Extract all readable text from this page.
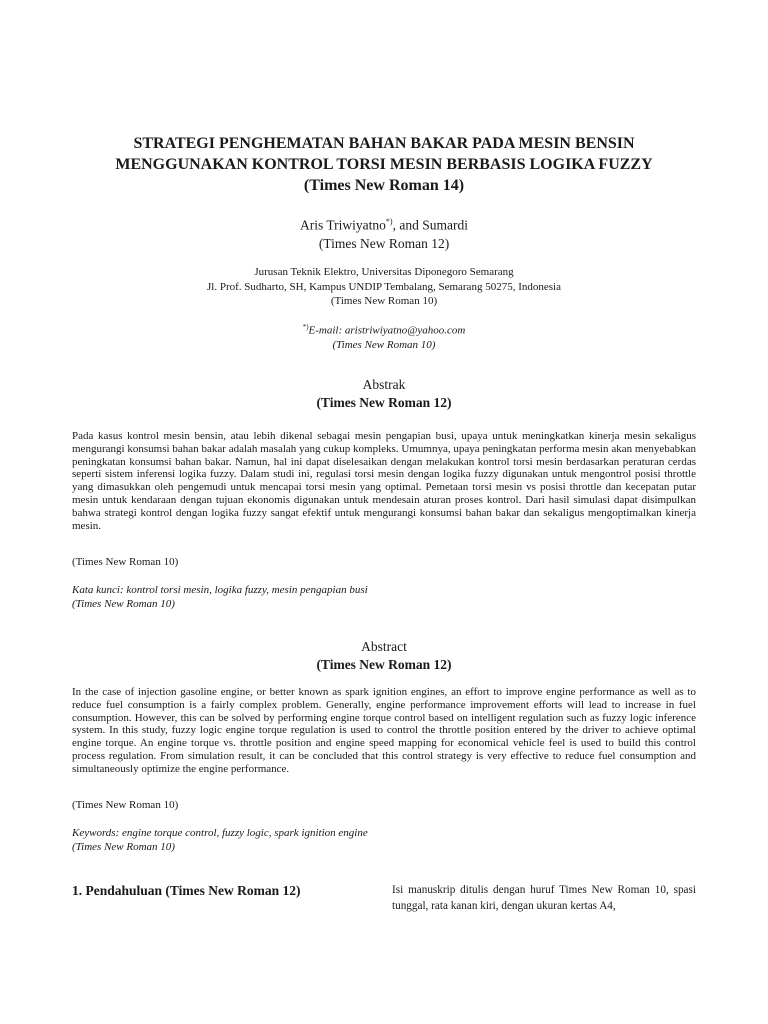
STRATEGI PENGHEMATAN BAHAN BAKAR PADA MESIN BENSIN
MENGGUNAKAN KONTROL TORSI MESIN BERBASIS LOGIKA FUZZY
(Times New Roman 14)
Aris Triwiyatno*), and Sumardi
(Times New Roman 12)
Jurusan Teknik Elektro, Universitas Diponegoro Semarang
Jl. Prof. Sudharto, SH, Kampus UNDIP Tembalang, Semarang 50275, Indonesia
(Times New Roman 10)
*)E-mail: aristriwiyatno@yahoo.com
(Times New Roman 10)
Abstrak
(Times New Roman 12)

Pada kasus kontrol mesin bensin, atau lebih dikenal sebagai mesin pengapian busi, upaya untuk meningkatkan kinerja mesin sekaligus mengurangi konsumsi bahan bakar adalah masalah yang cukup kompleks. Umumnya, upaya peningkatan performa mesin akan menyebabkan peningkatan konsumsi bahan bakar. Namun, hal ini dapat diselesaikan dengan melakukan kontrol torsi mesin berdasarkan peraturan cerdas seperti sistem inferensi logika fuzzy. Dalam studi ini, regulasi torsi mesin dengan logika fuzzy digunakan untuk mengontrol posisi throttle yang dimasukkan oleh pengemudi untuk mencapai torsi mesin yang optimal. Pemetaan torsi mesin vs posisi throttle dan kecepatan putar mesin untuk kendaraan dengan tujuan ekonomis digunakan untuk mendesain aturan proses kontrol. Dari hasil simulasi dapat disimpulkan bahwa strategi kontrol dengan logika fuzzy sangat efektif untuk mengurangi konsumsi bahan bakar dan sekaligus mengoptimalkan kinerja mesin.

(Times New Roman 10)
Kata kunci: kontrol torsi mesin, logika fuzzy, mesin pengapian busi
(Times New Roman 10)
Abstract
(Times New Roman 12)

In the case of injection gasoline engine, or better known as spark ignition engines, an effort to improve engine performance as well as to reduce fuel consumption is a fairly complex problem. Generally, engine performance improvement efforts will lead to increase in fuel consumption. However, this can be solved by performing engine torque control based on intelligent regulation such as fuzzy logic inference system. In this study, fuzzy logic engine torque regulation is used to control the throttle position entered by the driver to achieve optimal engine torque. An engine torque vs. throttle position and engine speed mapping for economical vehicle feel is used to build this control process regulation. From simulation result, it can be concluded that this control strategy is very effective to reduce fuel consumption and simultaneously optimize the engine performance.

(Times New Roman 10)
Keywords: engine torque control, fuzzy logic, spark ignition engine
(Times New Roman 10)
1. Pendahuluan (Times New Roman 12)	Isi manuskrip ditulis dengan huruf Times New Roman 10, spasi tunggal, rata kanan kiri, dengan ukuran kertas A4,
